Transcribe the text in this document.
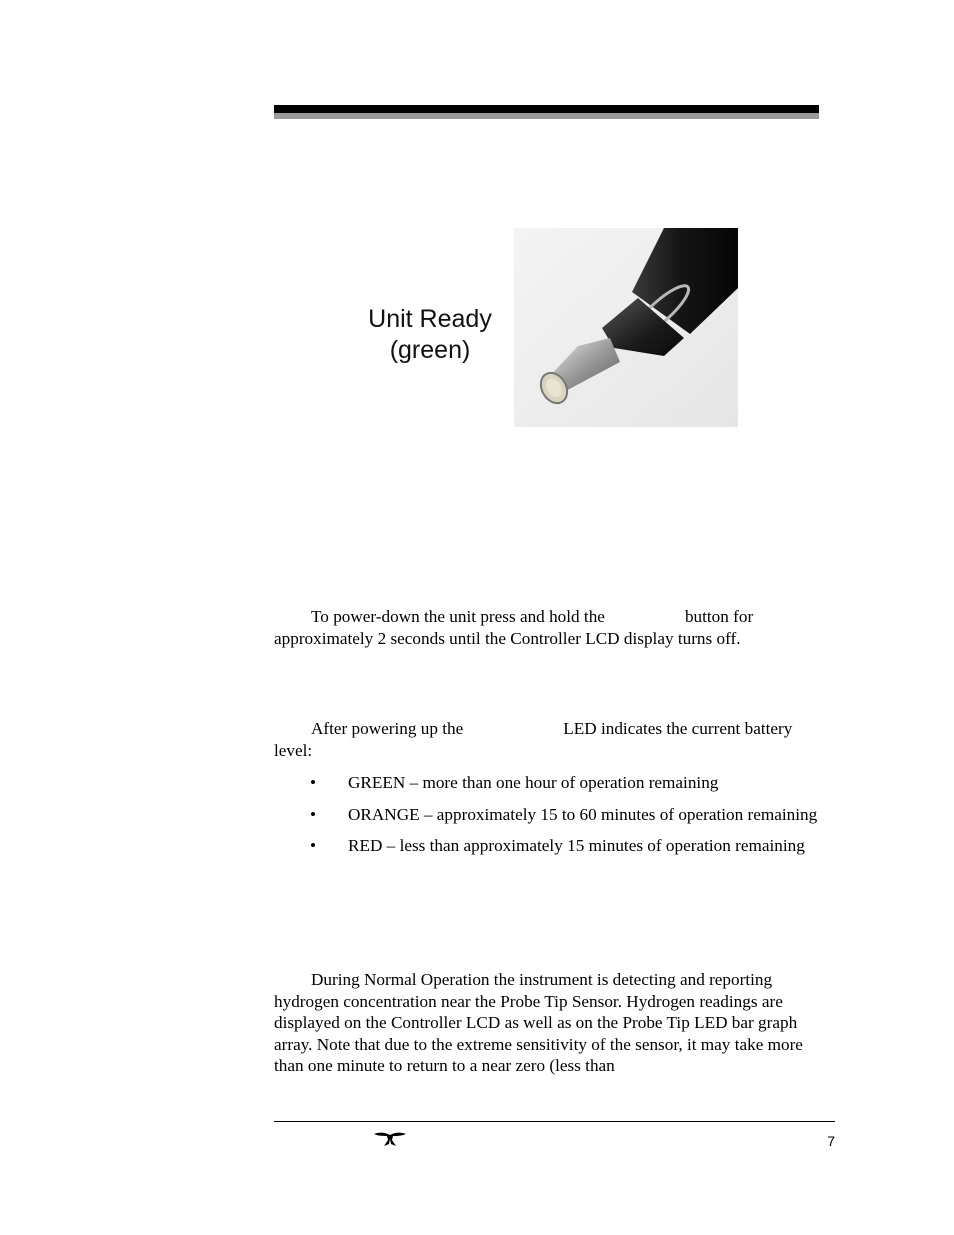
Unit Ready
(green)
To power-down the unit press and hold the	button for approximately 2 seconds until the Controller LCD display turns off.
After powering up the	LED indicates the current battery level:
• GREEN – more than one hour of operation remaining
• ORANGE – approximately 15 to 60 minutes of operation remaining
• RED – less than approximately 15 minutes of operation remaining
During Normal Operation the instrument is detecting and reporting hydrogen concentration near the Probe Tip Sensor. Hydrogen readings are displayed on the Controller LCD as well as on the Probe Tip LED bar graph array. Note that due to the extreme sensitivity of the sensor, it may take more than one minute to return to a near zero (less than
7
